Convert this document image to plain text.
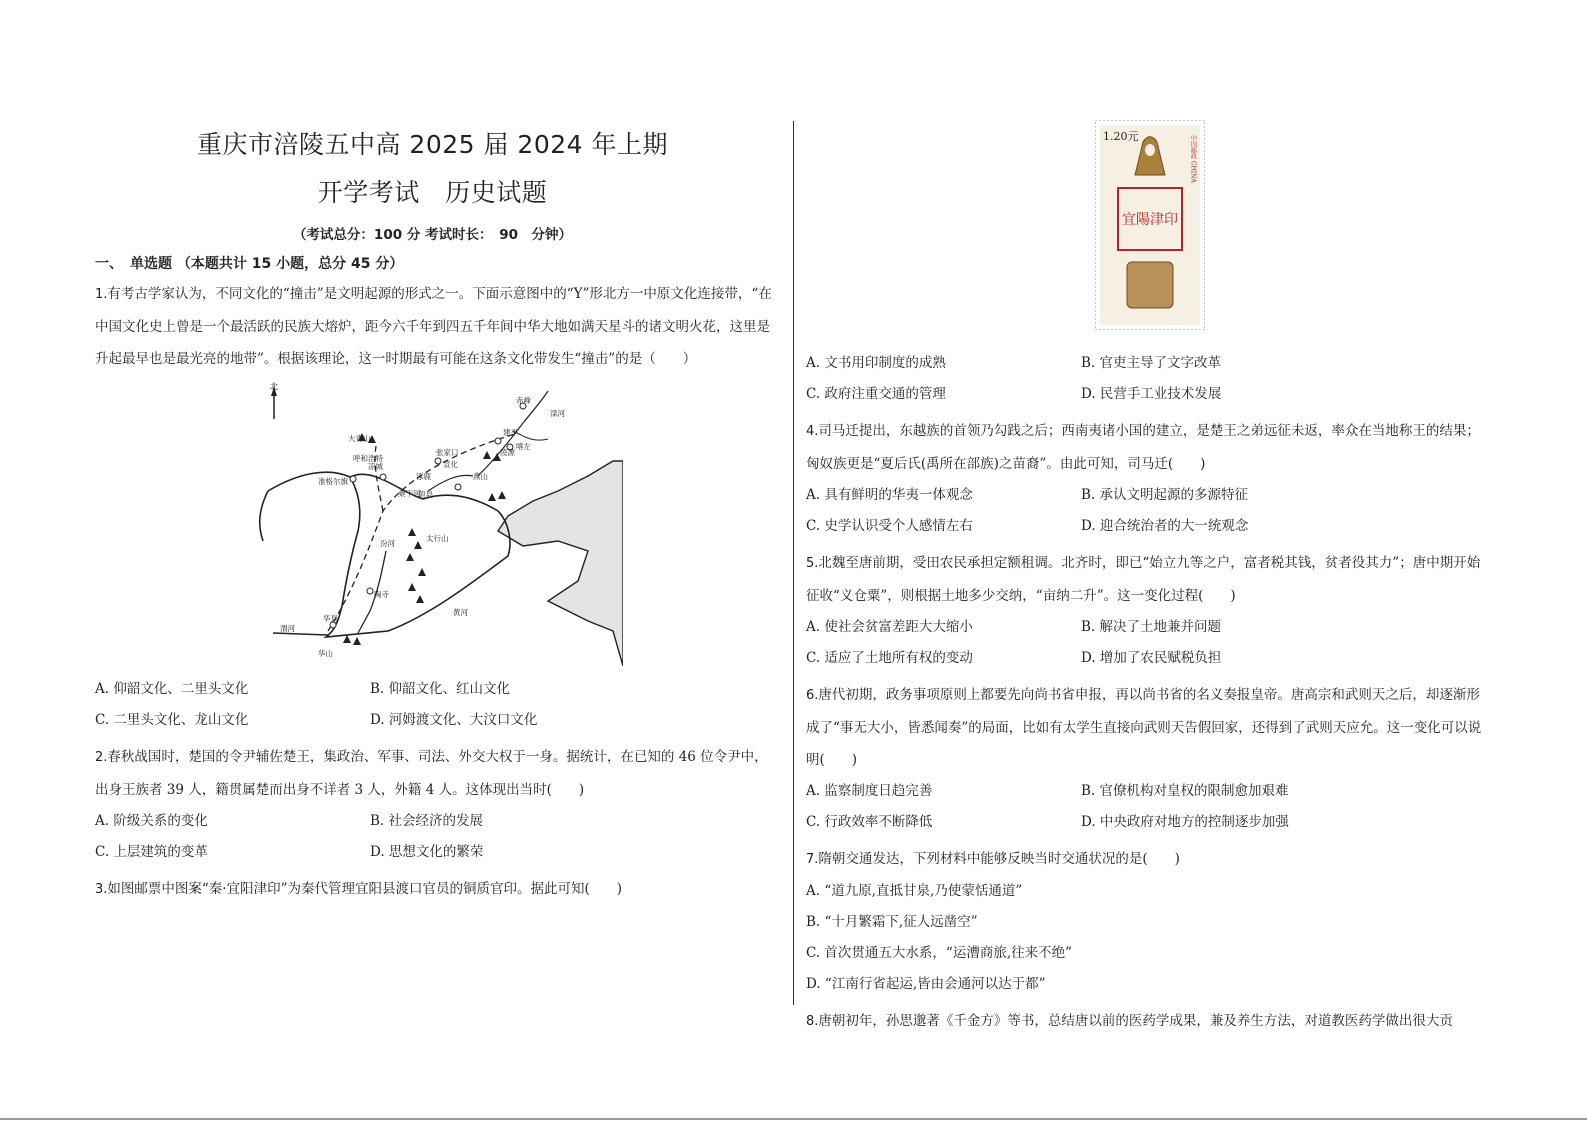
重庆市涪陵五中高 2025 届 2024 年上期
开学考试　历史试题
（考试总分：100 分 考试时长：　90　分钟）
一、　单选题 （本题共计 15 小题，总分 45 分）
1.有考古学家认为，不同文化的“撞击”是文明起源的形式之一。下面示意图中的“Y”形北方一中原文化连接带，“在中国文化史上曾是一个最活跃的民族大熔炉，距今六千年到四五千年间中华大地如满天星斗的诸文明火花，这里是升起最早也是最光亮的地带”。根据该理论，这一时期最有可能在这条文化带发生“撞击”的是（　　）
北
大青山
呼和浩特
凉城
准格尔旗
张家口
宣化
赤峰
建平
喀左
凌源
桑干河
涿鹿
蔚县
燕山
汾河
太行山
陶寺
黄河
渭河
华县
华山
滦河
A. 仰韶文化、二里头文化	B. 仰韶文化、红山文化
C. 二里头文化、龙山文化	D. 河姆渡文化、大汶口文化
2.春秋战国时，楚国的令尹辅佐楚王，集政治、军事、司法、外交大权于一身。据统计，在已知的 46 位令尹中，出身王族者 39 人，籍贯属楚而出身不详者 3 人，外籍 4 人。这体现出当时(　　)
A. 阶级关系的变化	B. 社会经济的发展
C. 上层建筑的变革	D. 思想文化的繁荣
3.如图邮票中图案“秦·宜阳津印”为秦代管理宜阳县渡口官员的铜质官印。据此可知(　　)
1.20元	中国邮政 CHINA
宜陽津印
A. 文书用印制度的成熟	B. 官吏主导了文字改革
C. 政府注重交通的管理	D. 民营手工业技术发展
4.司马迁提出，东越族的首领乃勾践之后；西南夷诸小国的建立，是楚王之弟远征未返，率众在当地称王的结果；匈奴族更是“夏后氏(禹所在部族)之苗裔”。由此可知，司马迁(　　)
A. 具有鲜明的华夷一体观念	B. 承认文明起源的多源特征
C. 史学认识受个人感情左右	D. 迎合统治者的大一统观念
5.北魏至唐前期，受田农民承担定额租调。北齐时，即已“始立九等之户，富者税其钱，贫者役其力”；唐中期开始征收“义仓粟”，则根据土地多少交纳，“亩纳二升”。这一变化过程(　　)
A. 使社会贫富差距大大缩小	B. 解决了土地兼并问题
C. 适应了土地所有权的变动	D. 增加了农民赋税负担
6.唐代初期，政务事项原则上都要先向尚书省申报，再以尚书省的名义奏报皇帝。唐高宗和武则天之后，却逐渐形成了“事无大小，皆悉闻奏”的局面，比如有太学生直接向武则天告假回家，还得到了武则天应允。这一变化可以说明(　　)
A. 监察制度日趋完善	B. 官僚机构对皇权的限制愈加艰难
C. 行政效率不断降低	D. 中央政府对地方的控制逐步加强
7.隋朝交通发达，下列材料中能够反映当时交通状况的是(　　)
A. “道九原,直抵甘泉,乃使蒙恬通道”
B. “十月繁霜下,征人远凿空”
C. 首次贯通五大水系，“运漕商旅,往来不绝”
D. “江南行省起运,皆由会通河以达于都”
8.唐朝初年，孙思邈著《千金方》等书，总结唐以前的医药学成果，兼及养生方法，对道教医药学做出很大贡
